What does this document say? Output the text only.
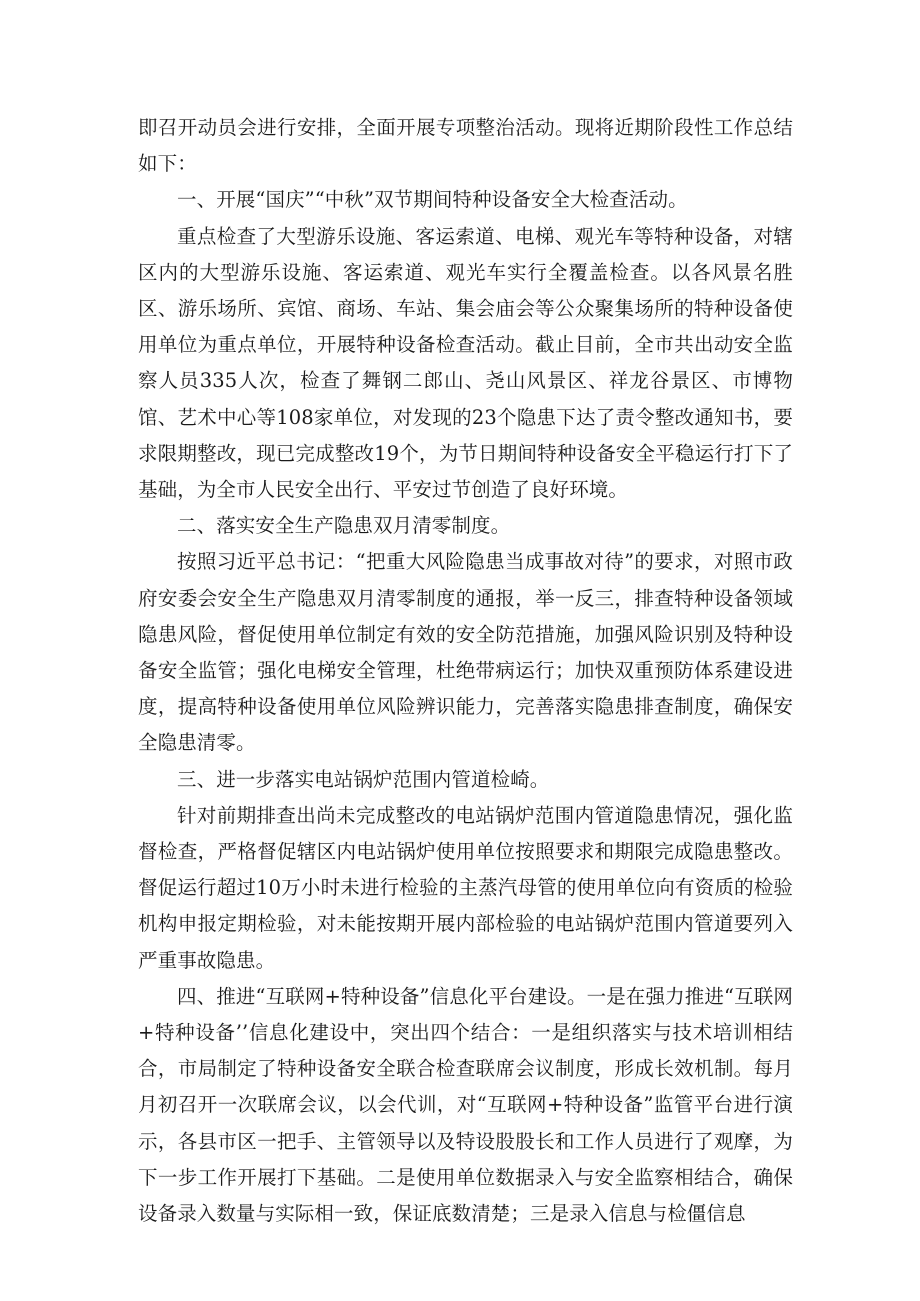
即召开动员会进行安排，全面开展专项整治活动。现将近期阶段性工作总结如下：

一、开展“国庆”“中秋”双节期间特种设备安全大检查活动。

重点检查了大型游乐设施、客运索道、电梯、观光车等特种设备，对辖区内的大型游乐设施、客运索道、观光车实行全覆盖检查。以各风景名胜区、游乐场所、宾馆、商场、车站、集会庙会等公众聚集场所的特种设备使用单位为重点单位，开展特种设备检查活动。截止目前，全市共出动安全监察人员335人次，检查了舞钢二郎山、尧山风景区、祥龙谷景区、市博物馆、艺术中心等108家单位，对发现的23个隐患下达了责令整改通知书，要求限期整改，现已完成整改19个，为节日期间特种设备安全平稳运行打下了基础，为全市人民安全出行、平安过节创造了良好环境。

二、落实安全生产隐患双月清零制度。

按照习近平总书记：“把重大风险隐患当成事故对待”的要求，对照市政府安委会安全生产隐患双月清零制度的通报，举一反三，排查特种设备领域隐患风险，督促使用单位制定有效的安全防范措施，加强风险识别及特种设备安全监管；强化电梯安全管理，杜绝带病运行；加快双重预防体系建设进度，提高特种设备使用单位风险辨识能力，完善落实隐患排查制度，确保安全隐患清零。

三、进一步落实电站锅炉范围内管道检崎。

针对前期排查出尚未完成整改的电站锅炉范围内管道隐患情况，强化监督检查，严格督促辖区内电站锅炉使用单位按照要求和期限完成隐患整改。督促运行超过10万小时未进行检验的主蒸汽母管的使用单位向有资质的检验机构申报定期检验，对未能按期开展内部检验的电站锅炉范围内管道要列入严重事故隐患。

四、推进“互联网+特种设备”信息化平台建设。一是在强力推进“互联网+特种设备’’信息化建设中，突出四个结合：一是组织落实与技术培训相结合，市局制定了特种设备安全联合检查联席会议制度，形成长效机制。每月月初召开一次联席会议，以会代训，对“互联网+特种设备”监管平台进行演示，各县市区一把手、主管领导以及特设股股长和工作人员进行了观摩，为下一步工作开展打下基础。二是使用单位数据录入与安全监察相结合，确保设备录入数量与实际相一致，保证底数清楚；三是录入信息与检僵信息
